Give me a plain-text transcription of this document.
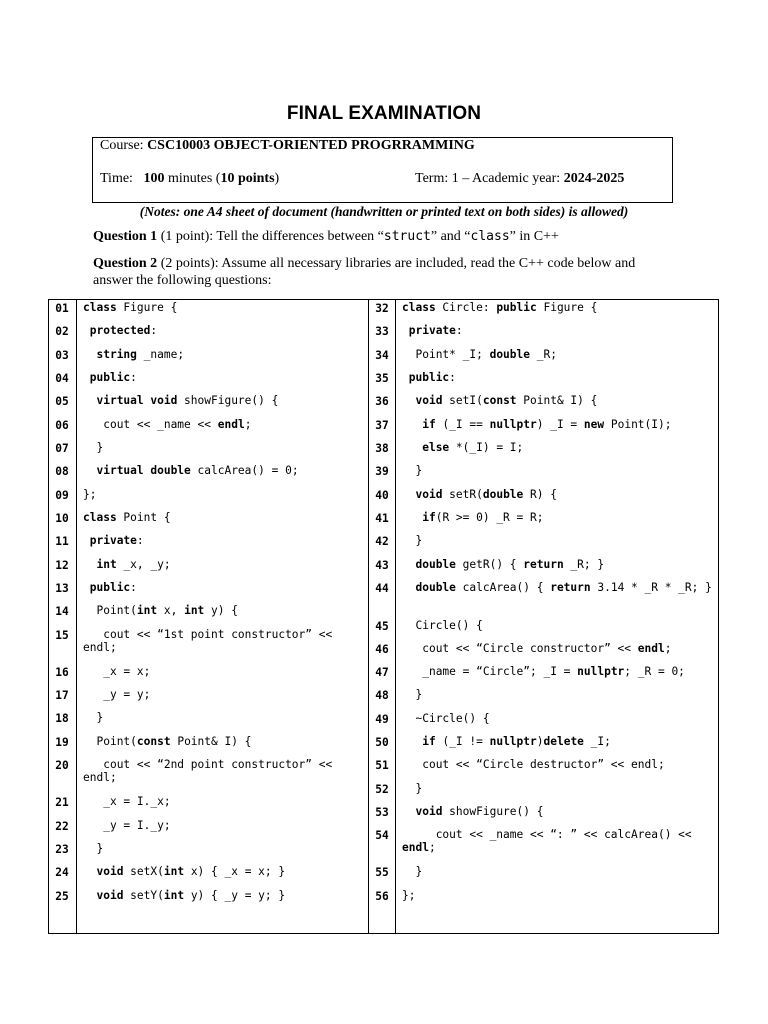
FINAL EXAMINATION
Course: CSC10003 OBJECT-ORIENTED PROGRRAMMING
Time:   100 minutes (10 points)	Term: 1 – Academic year: 2024-2025
(Notes: one A4 sheet of document (handwritten or printed text on both sides) is allowed)
Question 1 (1 point): Tell the differences between “struct” and “class” in C++
Question 2 (2 points): Assume all necessary libraries are included, read the C++ code below and answer the following questions:
01 class Figure {
02	protected:
03	string _name;
04	public:
05	virtual void showFigure() {
06 cout << _name << endl;
07 }
08	virtual double calcArea() = 0;
09 };
10 class Point {
11	private:
12	int _x, _y;
13	public:
14 Point(int x, int y) {
15 cout << “1st point constructor” << endl;
16 _x = x;
17 _y = y;
18 }
19 Point(const Point& I) {
20 cout << “2nd point constructor” << endl;
21 _x = I._x;
22 _y = I._y;
23 }
24	void setX(int x) { _x = x; }
25	void setY(int y) { _y = y; }
32 class Circle: public Figure {
33	private:
34 Point* _I; double _R;
35	public:
36	void setI(const Point& I) {
37	if (_I == nullptr) _I = new Point(I);
38	else *(_I) = I;
39 }
40	void setR(double R) {
41	if(R >= 0) _R = R;
42 }
43	double getR() { return _R; }
44	double calcArea() { return 3.14 * _R * _R; }
45 Circle() {
46 cout << “Circle constructor” << endl;
47 _name = “Circle”; _I = nullptr; _R = 0;
48 }
49 ~Circle() {
50	if (_I != nullptr)delete _I;
51 cout << “Circle destructor” << endl;
52 }
53	void showFigure() {
54 cout << _name << “: ” << calcArea() << endl;
55 }
56 };
